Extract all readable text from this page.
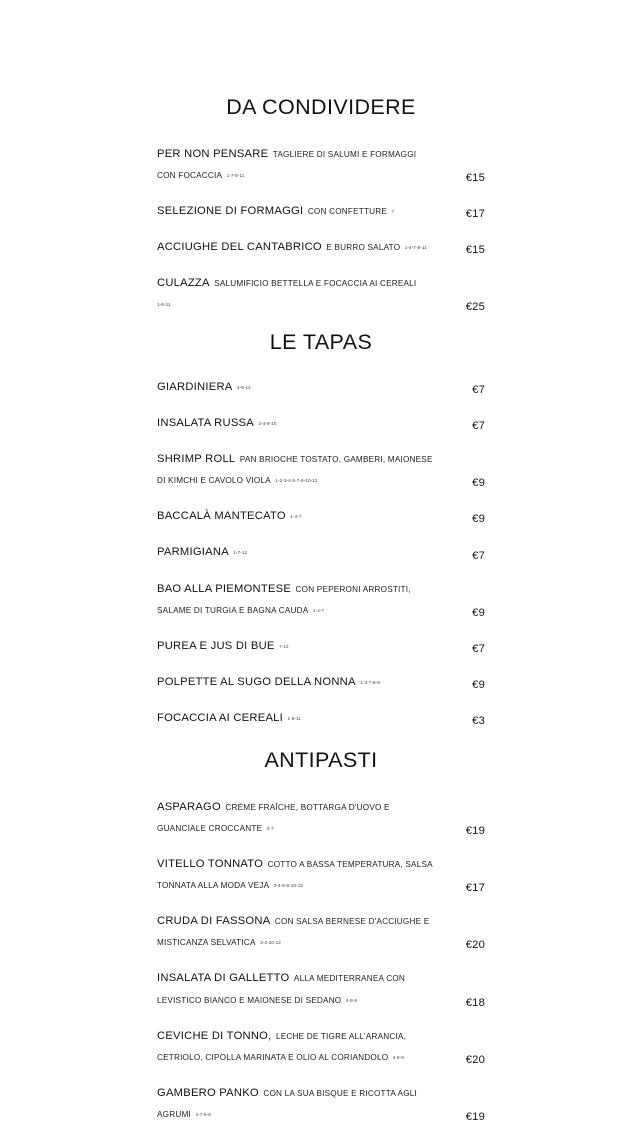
DA CONDIVIDERE
PER NON PENSARE TAGLIERE DI SALUMI E FORMAGGI CON FOCACCIA 1-7-8-11	€15
SELEZIONE DI FORMAGGI CON CONFETTURE 7	€17
ACCIUGHE DEL CANTABRICO E BURRO SALATO 1-4-7-8-11	€15
CULAZZA SALUMIFICIO BETTELLA E FOCACCIA AI CEREALI 1-8-11	€25
LE TAPAS
GIARDINIERA 4-9-12	€7
INSALATA RUSSA 3-4-8-10	€7
SHRIMP ROLL PAN BRIOCHE TOSTATO, GAMBERI, MAIONESE DI KIMCHI E CAVOLO VIOLA 1-2-3-4-5-7-8-10-12	€9
BACCALÀ MANTECATO 1-4-7	€9
PARMIGIANA 1-7-12	€7
BAO ALLA PIEMONTESE CON PEPERONI ARROSTITI, SALAME DI TURGIA E BAGNA CAUDA 1-4-7	€9
PUREA E JUS DI BUE 7-12	€7
POLPETTE AL SUGO DELLA NONNA 1-3-7-8-9	€9
FOCACCIA AI CEREALI 1-8-11	€3
ANTIPASTI
ASPARAGO CRÈME FRAÎCHE, BOTTARGA D'UOVO E GUANCIALE CROCCANTE 3-7	€19
VITELLO TONNATO COTTO A BASSA TEMPERATURA, SALSA TONNATA ALLA MODA VEJA 3-4-6-8-10-12	€17
CRUDA DI FASSONA CON SALSA BERNESE D'ACCIUGHE E MISTICANZA SELVATICA 3-4-10-12	€20
INSALATA DI GALLETTO ALLA MEDITERRANEA CON LEVISTICO BIANCO E MAIONESE DI SEDANO 4-8-9	€18
CEVICHE DI TONNO, LECHE DE TIGRE ALL'ARANCIA, CETRIOLO, CIPOLLA MARINATA E OLIO AL CORIANDOLO 4-8-9	€20
GAMBERO PANKO CON LA SUA BISQUE E RICOTTA AGLI AGRUMI 4-7-8-9	€19
